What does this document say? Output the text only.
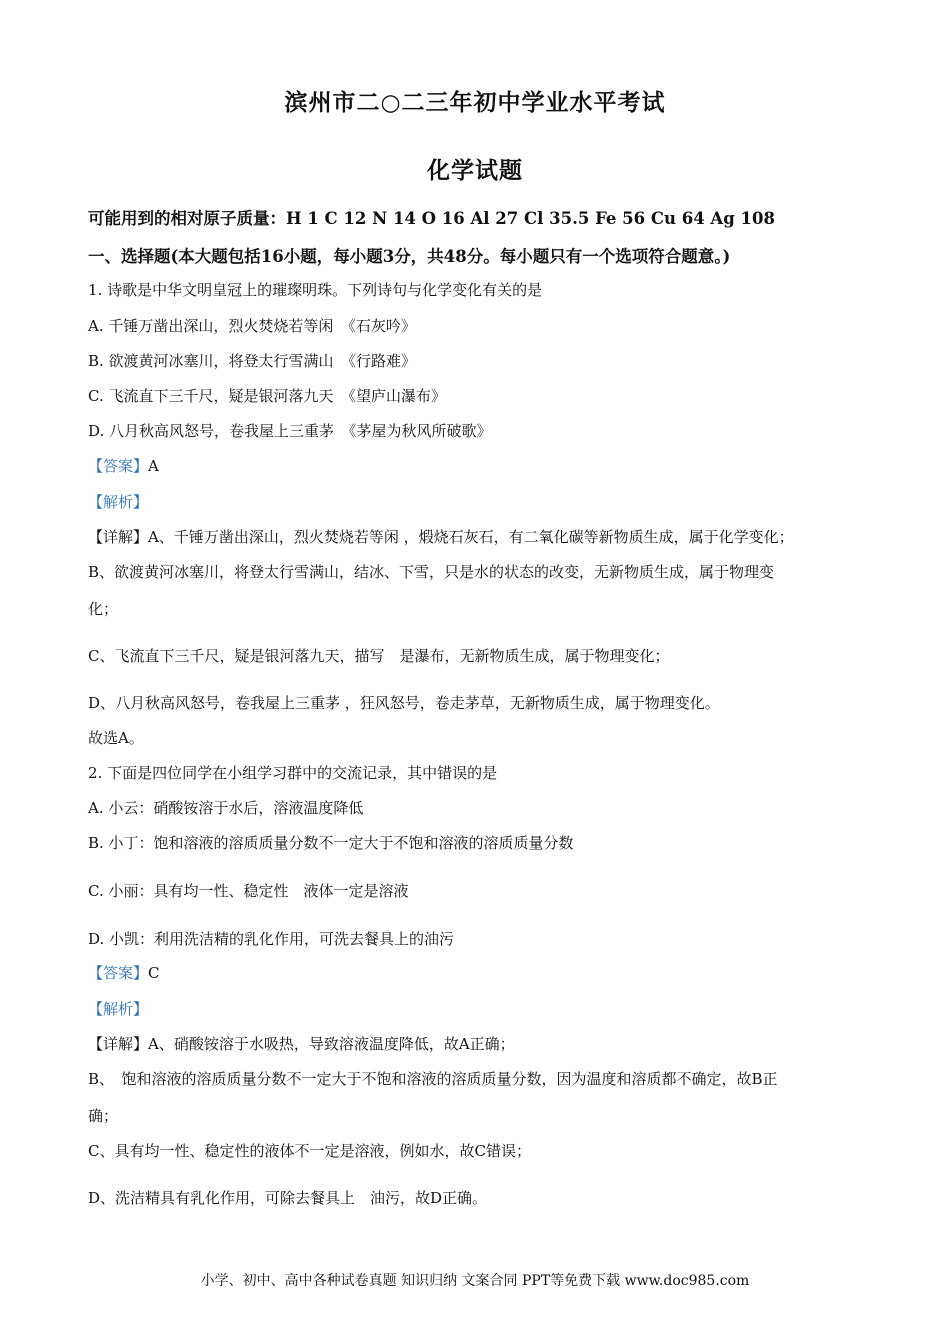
滨州市二○二三年初中学业水平考试
化学试题
可能用到的相对原子质量：H 1 C 12 N 14 O 16 Al 27 Cl 35.5 Fe 56 Cu 64 Ag 108
一、选择题(本大题包括16小题，每小题3分，共48分。每小题只有一个选项符合题意。)
1. 诗歌是中华文明皇冠上的璀璨明珠。下列诗句与化学变化有关的是
A. 千锤万凿出深山，烈火焚烧若等闲　《石灰吟》
B. 欲渡黄河冰塞川，将登太行雪满山　《行路难》
C. 飞流直下三千尺，疑是银河落九天　《望庐山瀑布》
D. 八月秋高风怒号，卷我屋上三重茅　《茅屋为秋风所破歌》
【答案】A
【解析】
【详解】A、千锤万凿出深山，烈火焚烧若等闲 ，煅烧石灰石，有二氧化碳等新物质生成，属于化学变化；
B、欲渡黄河冰塞川，将登太行雪满山，结冰、下雪，只是水的状态的改变，无新物质生成，属于物理变
化；
C、飞流直下三千尺，疑是银河落九天，描写　是瀑布，无新物质生成，属于物理变化；
D、八月秋高风怒号，卷我屋上三重茅 ，狂风怒号，卷走茅草，无新物质生成，属于物理变化。
故选A。
2. 下面是四位同学在小组学习群中的交流记录，其中错误的是
A. 小云：硝酸铵溶于水后，溶液温度降低
B. 小丁：饱和溶液的溶质质量分数不一定大于不饱和溶液的溶质质量分数
C. 小丽：具有均一性、稳定性　液体一定是溶液
D. 小凯：利用洗洁精的乳化作用，可洗去餐具上的油污
【答案】C
【解析】
【详解】A、硝酸铵溶于水吸热，导致溶液温度降低，故A正确；
B、　饱和溶液的溶质质量分数不一定大于不饱和溶液的溶质质量分数，因为温度和溶质都不确定，故B正
确；
C、具有均一性、稳定性的液体不一定是溶液，例如水，故C错误；
D、洗洁精具有乳化作用，可除去餐具上　油污，故D正确。
小学、初中、高中各种试卷真题 知识归纳 文案合同 PPT等免费下载 www.doc985.com
